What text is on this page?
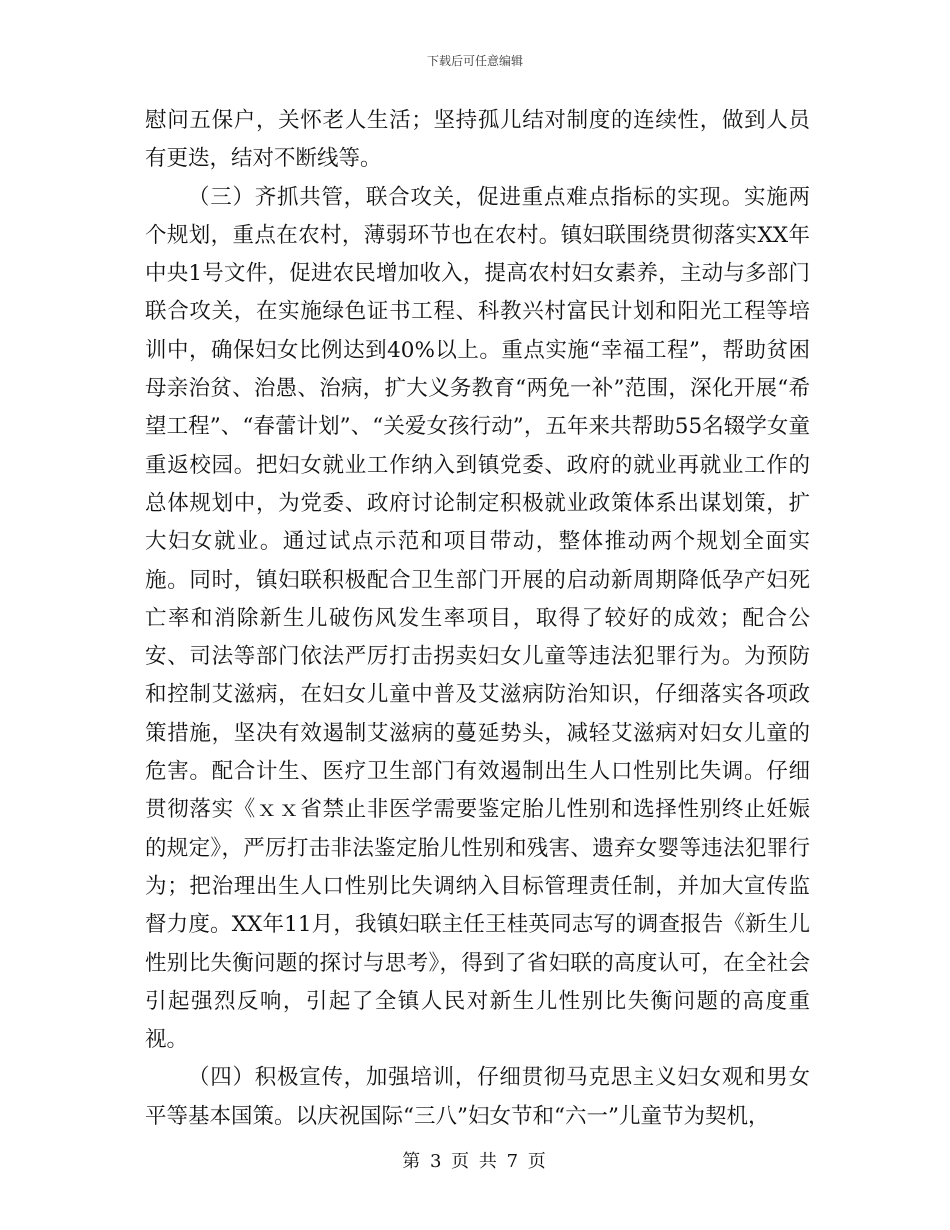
下载后可任意编辑

慰问五保户，关怀老人生活；坚持孤儿结对制度的连续性，做到人员有更迭，结对不断线等。

（三）齐抓共管，联合攻关，促进重点难点指标的实现。实施两个规划，重点在农村，薄弱环节也在农村。镇妇联围绕贯彻落实XX年中央1号文件，促进农民增加收入，提高农村妇女素养，主动与多部门联合攻关，在实施绿色证书工程、科教兴村富民计划和阳光工程等培训中，确保妇女比例达到40%以上。重点实施“幸福工程”，帮助贫困母亲治贫、治愚、治病，扩大义务教育“两免一补”范围，深化开展“希望工程”、“春蕾计划”、“关爱女孩行动”，五年来共帮助55名辍学女童重返校园。把妇女就业工作纳入到镇党委、政府的就业再就业工作的总体规划中，为党委、政府讨论制定积极就业政策体系出谋划策，扩大妇女就业。通过试点示范和项目带动，整体推动两个规划全面实施。同时，镇妇联积极配合卫生部门开展的启动新周期降低孕产妇死亡率和消除新生儿破伤风发生率项目，取得了较好的成效；配合公安、司法等部门依法严厉打击拐卖妇女儿童等违法犯罪行为。为预防和控制艾滋病，在妇女儿童中普及艾滋病防治知识，仔细落实各项政策措施，坚决有效遏制艾滋病的蔓延势头，减轻艾滋病对妇女儿童的危害。配合计生、医疗卫生部门有效遏制出生人口性别比失调。仔细贯彻落实《ｘｘ省禁止非医学需要鉴定胎儿性别和选择性别终止妊娠的规定》，严厉打击非法鉴定胎儿性别和残害、遗弃女婴等违法犯罪行为；把治理出生人口性别比失调纳入目标管理责任制，并加大宣传监督力度。XX年11月，我镇妇联主任王桂英同志写的调查报告《新生儿性别比失衡问题的探讨与思考》，得到了省妇联的高度认可，在全社会引起强烈反响，引起了全镇人民对新生儿性别比失衡问题的高度重视。

（四）积极宣传，加强培训，仔细贯彻马克思主义妇女观和男女平等基本国策。以庆祝国际“三八”妇女节和“六一”儿童节为契机，

第 3 页 共 7 页
